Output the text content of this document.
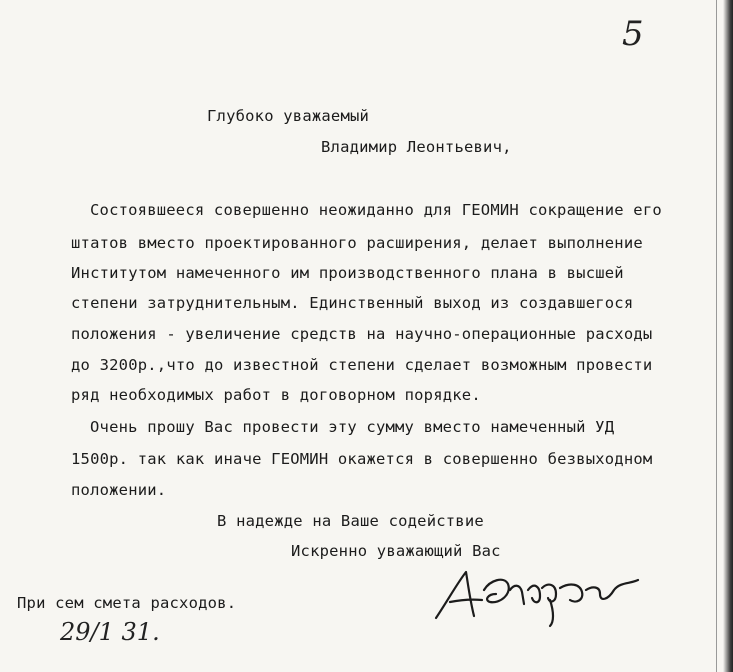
5
Глубоко уважаемый
Владимир Леонтьевич,
Состоявшееся совершенно неожиданно для ГЕОМИН сокращение его
штатов вместо проектированного расширения, делает выполнение
Институтом намеченного им производственного плана в высшей
степени затруднительным. Единственный выход из создавшегося
положения - увеличение средств на научно-операционные расходы
до 3200р.,что до известной степени сделает возможным провести
ряд необходимых работ в договорном порядке.
Очень прошу Вас провести эту сумму вместо намеченный УД
1500р. так как иначе ГЕОМИН окажется в совершенно безвыходном
положении.
В надежде на Ваше содействие
Искренно уважающий Вас
При сем смета расходов.
29/1 31.
